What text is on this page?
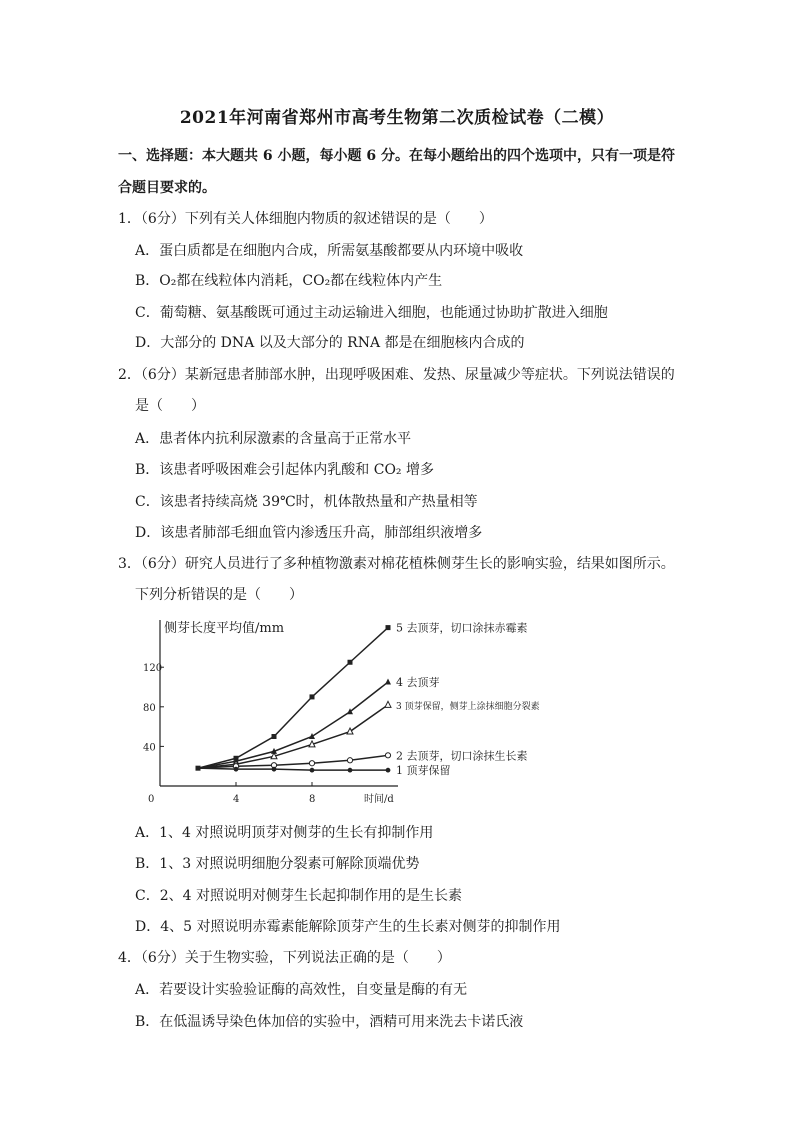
2021年河南省郑州市高考生物第二次质检试卷（二模）
一、选择题：本大题共 6 小题，每小题 6 分。在每小题给出的四个选项中，只有一项是符
合题目要求的。
1．（6分）下列有关人体细胞内物质的叙述错误的是（　　）
A．蛋白质都是在细胞内合成，所需氨基酸都要从内环境中吸收
B．O₂都在线粒体内消耗，CO₂都在线粒体内产生
C．葡萄糖、氨基酸既可通过主动运输进入细胞，也能通过协助扩散进入细胞
D．大部分的 DNA 以及大部分的 RNA 都是在细胞核内合成的
2．（6分）某新冠患者肺部水肿，出现呼吸困难、发热、尿量减少等症状。下列说法错误的
是（　　）
A．患者体内抗利尿激素的含量高于正常水平
B．该患者呼吸困难会引起体内乳酸和 CO₂ 增多
C．该患者持续高烧 39℃时，机体散热量和产热量相等
D．该患者肺部毛细血管内渗透压升高，肺部组织液增多
3．（6分）研究人员进行了多种植物激素对棉花植株侧芽生长的影响实验，结果如图所示。
下列分析错误的是（　　）
侧芽长度平均值/mm
时间/d
0	4	8
40
80
120
5 去顶芽，切口涂抹赤霉素
4 去顶芽
3 顶芽保留，侧芽上涂抹细胞分裂素
2 去顶芽，切口涂抹生长素
1 顶芽保留
A．1、4 对照说明顶芽对侧芽的生长有抑制作用
B．1、3 对照说明细胞分裂素可解除顶端优势
C．2、4 对照说明对侧芽生长起抑制作用的是生长素
D．4、5 对照说明赤霉素能解除顶芽产生的生长素对侧芽的抑制作用
4．（6分）关于生物实验，下列说法正确的是（　　）
A．若要设计实验验证酶的高效性，自变量是酶的有无
B．在低温诱导染色体加倍的实验中，酒精可用来洗去卡诺氏液
